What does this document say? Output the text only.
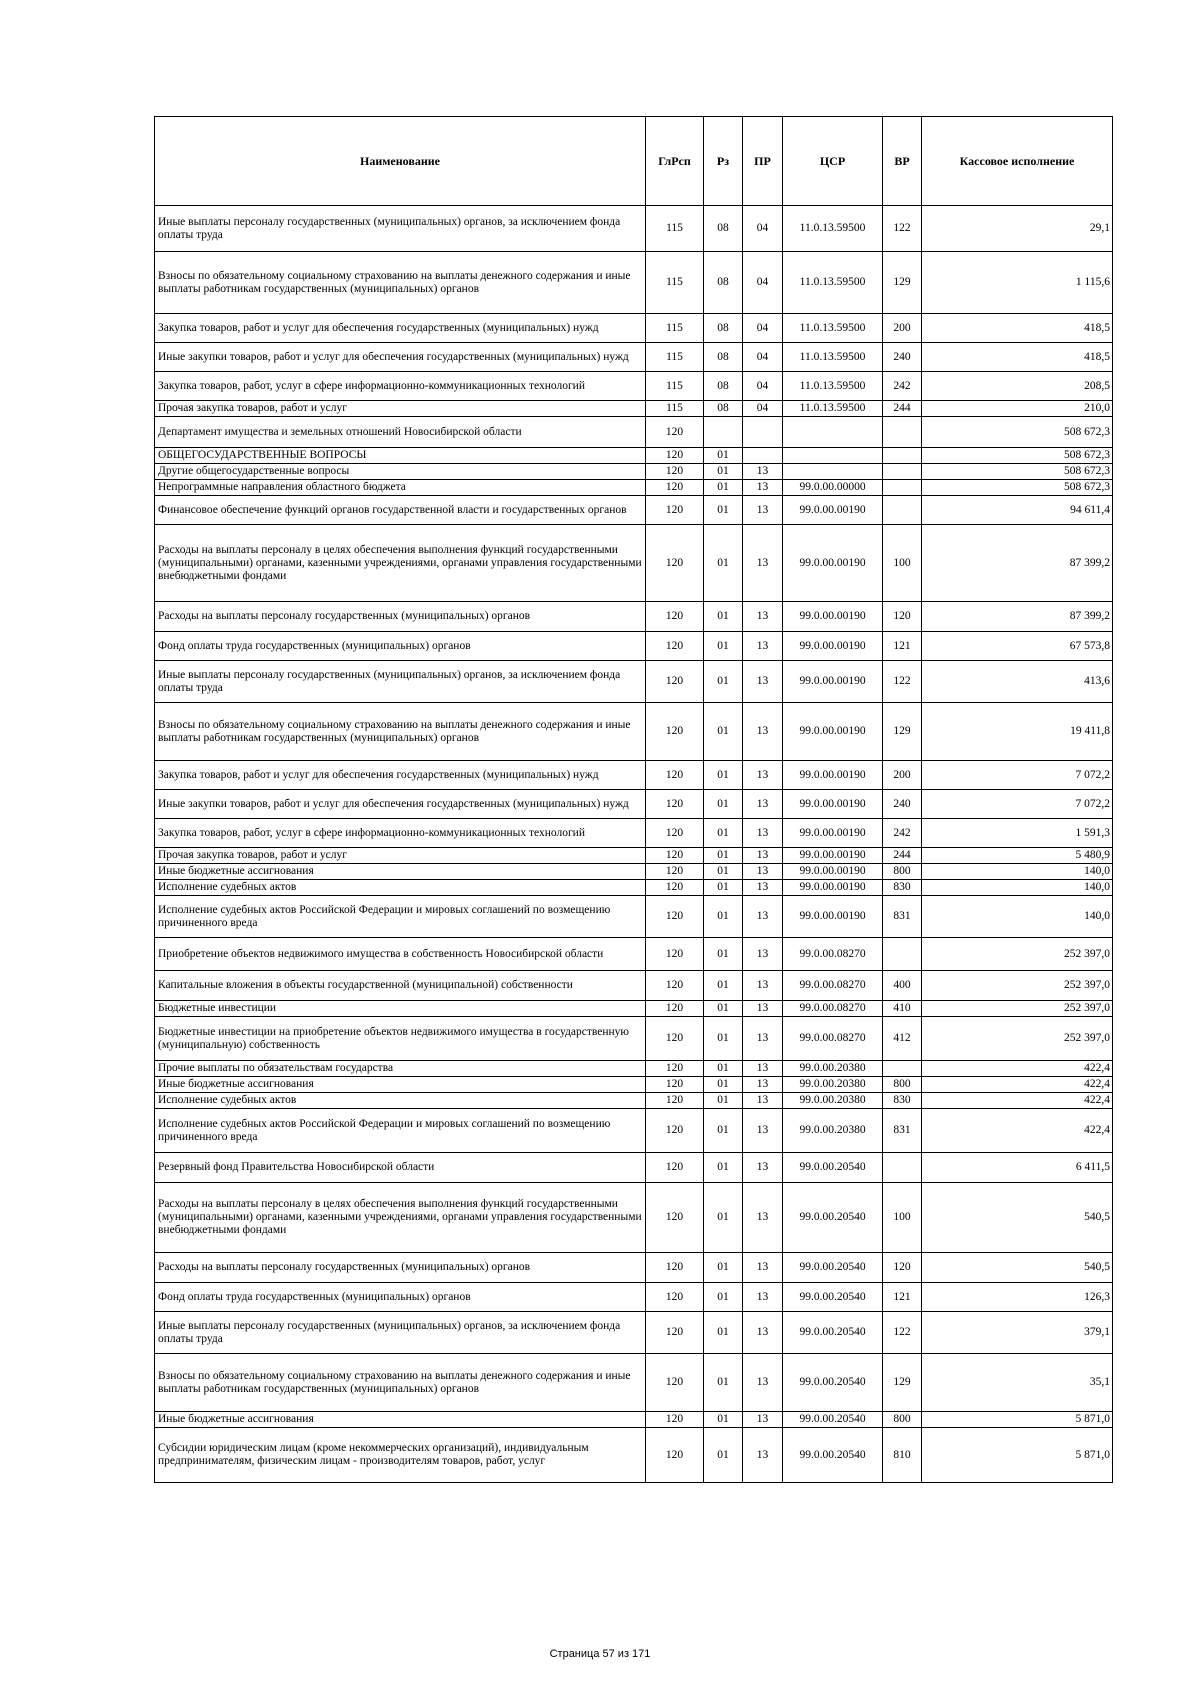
Наименование	ГлРсп	Рз	ПР	ЦСР	ВР	Кассовое исполнение
Иные выплаты персоналу государственных (муниципальных) органов, за исключением фонда оплаты труда	115	08	04	11.0.13.59500	122	29,1
Взносы по обязательному социальному страхованию на выплаты денежного содержания и иные выплаты работникам государственных (муниципальных) органов	115	08	04	11.0.13.59500	129	1 115,6
Закупка товаров, работ и услуг для обеспечения государственных (муниципальных) нужд	115	08	04	11.0.13.59500	200	418,5
Иные закупки товаров, работ и услуг для обеспечения государственных (муниципальных) нужд	115	08	04	11.0.13.59500	240	418,5
Закупка товаров, работ, услуг в сфере информационно-коммуникационных технологий	115	08	04	11.0.13.59500	242	208,5
Прочая закупка товаров, работ и услуг	115	08	04	11.0.13.59500	244	210,0
Департамент имущества и земельных отношений Новосибирской области	120					508 672,3
ОБЩЕГОСУДАРСТВЕННЫЕ ВОПРОСЫ	120	01				508 672,3
Другие общегосударственные вопросы	120	01	13			508 672,3
Непрограммные направления областного бюджета	120	01	13	99.0.00.00000		508 672,3
Финансовое обеспечение функций органов государственной власти и государственных органов	120	01	13	99.0.00.00190		94 611,4
Расходы на выплаты персоналу в целях обеспечения выполнения функций государственными (муниципальными) органами, казенными учреждениями, органами управления государственными внебюджетными фондами	120	01	13	99.0.00.00190	100	87 399,2
Расходы на выплаты персоналу государственных (муниципальных) органов	120	01	13	99.0.00.00190	120	87 399,2
Фонд оплаты труда государственных (муниципальных) органов	120	01	13	99.0.00.00190	121	67 573,8
Иные выплаты персоналу государственных (муниципальных) органов, за исключением фонда оплаты труда	120	01	13	99.0.00.00190	122	413,6
Взносы по обязательному социальному страхованию на выплаты денежного содержания и иные выплаты работникам государственных (муниципальных) органов	120	01	13	99.0.00.00190	129	19 411,8
Закупка товаров, работ и услуг для обеспечения государственных (муниципальных) нужд	120	01	13	99.0.00.00190	200	7 072,2
Иные закупки товаров, работ и услуг для обеспечения государственных (муниципальных) нужд	120	01	13	99.0.00.00190	240	7 072,2
Закупка товаров, работ, услуг в сфере информационно-коммуникационных технологий	120	01	13	99.0.00.00190	242	1 591,3
Прочая закупка товаров, работ и услуг	120	01	13	99.0.00.00190	244	5 480,9
Иные бюджетные ассигнования	120	01	13	99.0.00.00190	800	140,0
Исполнение судебных актов	120	01	13	99.0.00.00190	830	140,0
Исполнение судебных актов Российской Федерации и мировых соглашений по возмещению причиненного вреда	120	01	13	99.0.00.00190	831	140,0
Приобретение объектов недвижимого имущества в собственность Новосибирской области	120	01	13	99.0.00.08270		252 397,0
Капитальные вложения в объекты государственной (муниципальной) собственности	120	01	13	99.0.00.08270	400	252 397,0
Бюджетные инвестиции	120	01	13	99.0.00.08270	410	252 397,0
Бюджетные инвестиции на приобретение объектов недвижимого имущества в государственную (муниципальную) собственность	120	01	13	99.0.00.08270	412	252 397,0
Прочие выплаты по обязательствам государства	120	01	13	99.0.00.20380		422,4
Иные бюджетные ассигнования	120	01	13	99.0.00.20380	800	422,4
Исполнение судебных актов	120	01	13	99.0.00.20380	830	422,4
Исполнение судебных актов Российской Федерации и мировых соглашений по возмещению причиненного вреда	120	01	13	99.0.00.20380	831	422,4
Резервный фонд Правительства Новосибирской области	120	01	13	99.0.00.20540		6 411,5
Расходы на выплаты персоналу в целях обеспечения выполнения функций государственными (муниципальными) органами, казенными учреждениями, органами управления государственными внебюджетными фондами	120	01	13	99.0.00.20540	100	540,5
Расходы на выплаты персоналу государственных (муниципальных) органов	120	01	13	99.0.00.20540	120	540,5
Фонд оплаты труда государственных (муниципальных) органов	120	01	13	99.0.00.20540	121	126,3
Иные выплаты персоналу государственных (муниципальных) органов, за исключением фонда оплаты труда	120	01	13	99.0.00.20540	122	379,1
Взносы по обязательному социальному страхованию на выплаты денежного содержания и иные выплаты работникам государственных (муниципальных) органов	120	01	13	99.0.00.20540	129	35,1
Иные бюджетные ассигнования	120	01	13	99.0.00.20540	800	5 871,0
Субсидии юридическим лицам (кроме некоммерческих организаций), индивидуальным предпринимателям, физическим лицам - производителям товаров, работ, услуг	120	01	13	99.0.00.20540	810	5 871,0
Страница 57 из 171
